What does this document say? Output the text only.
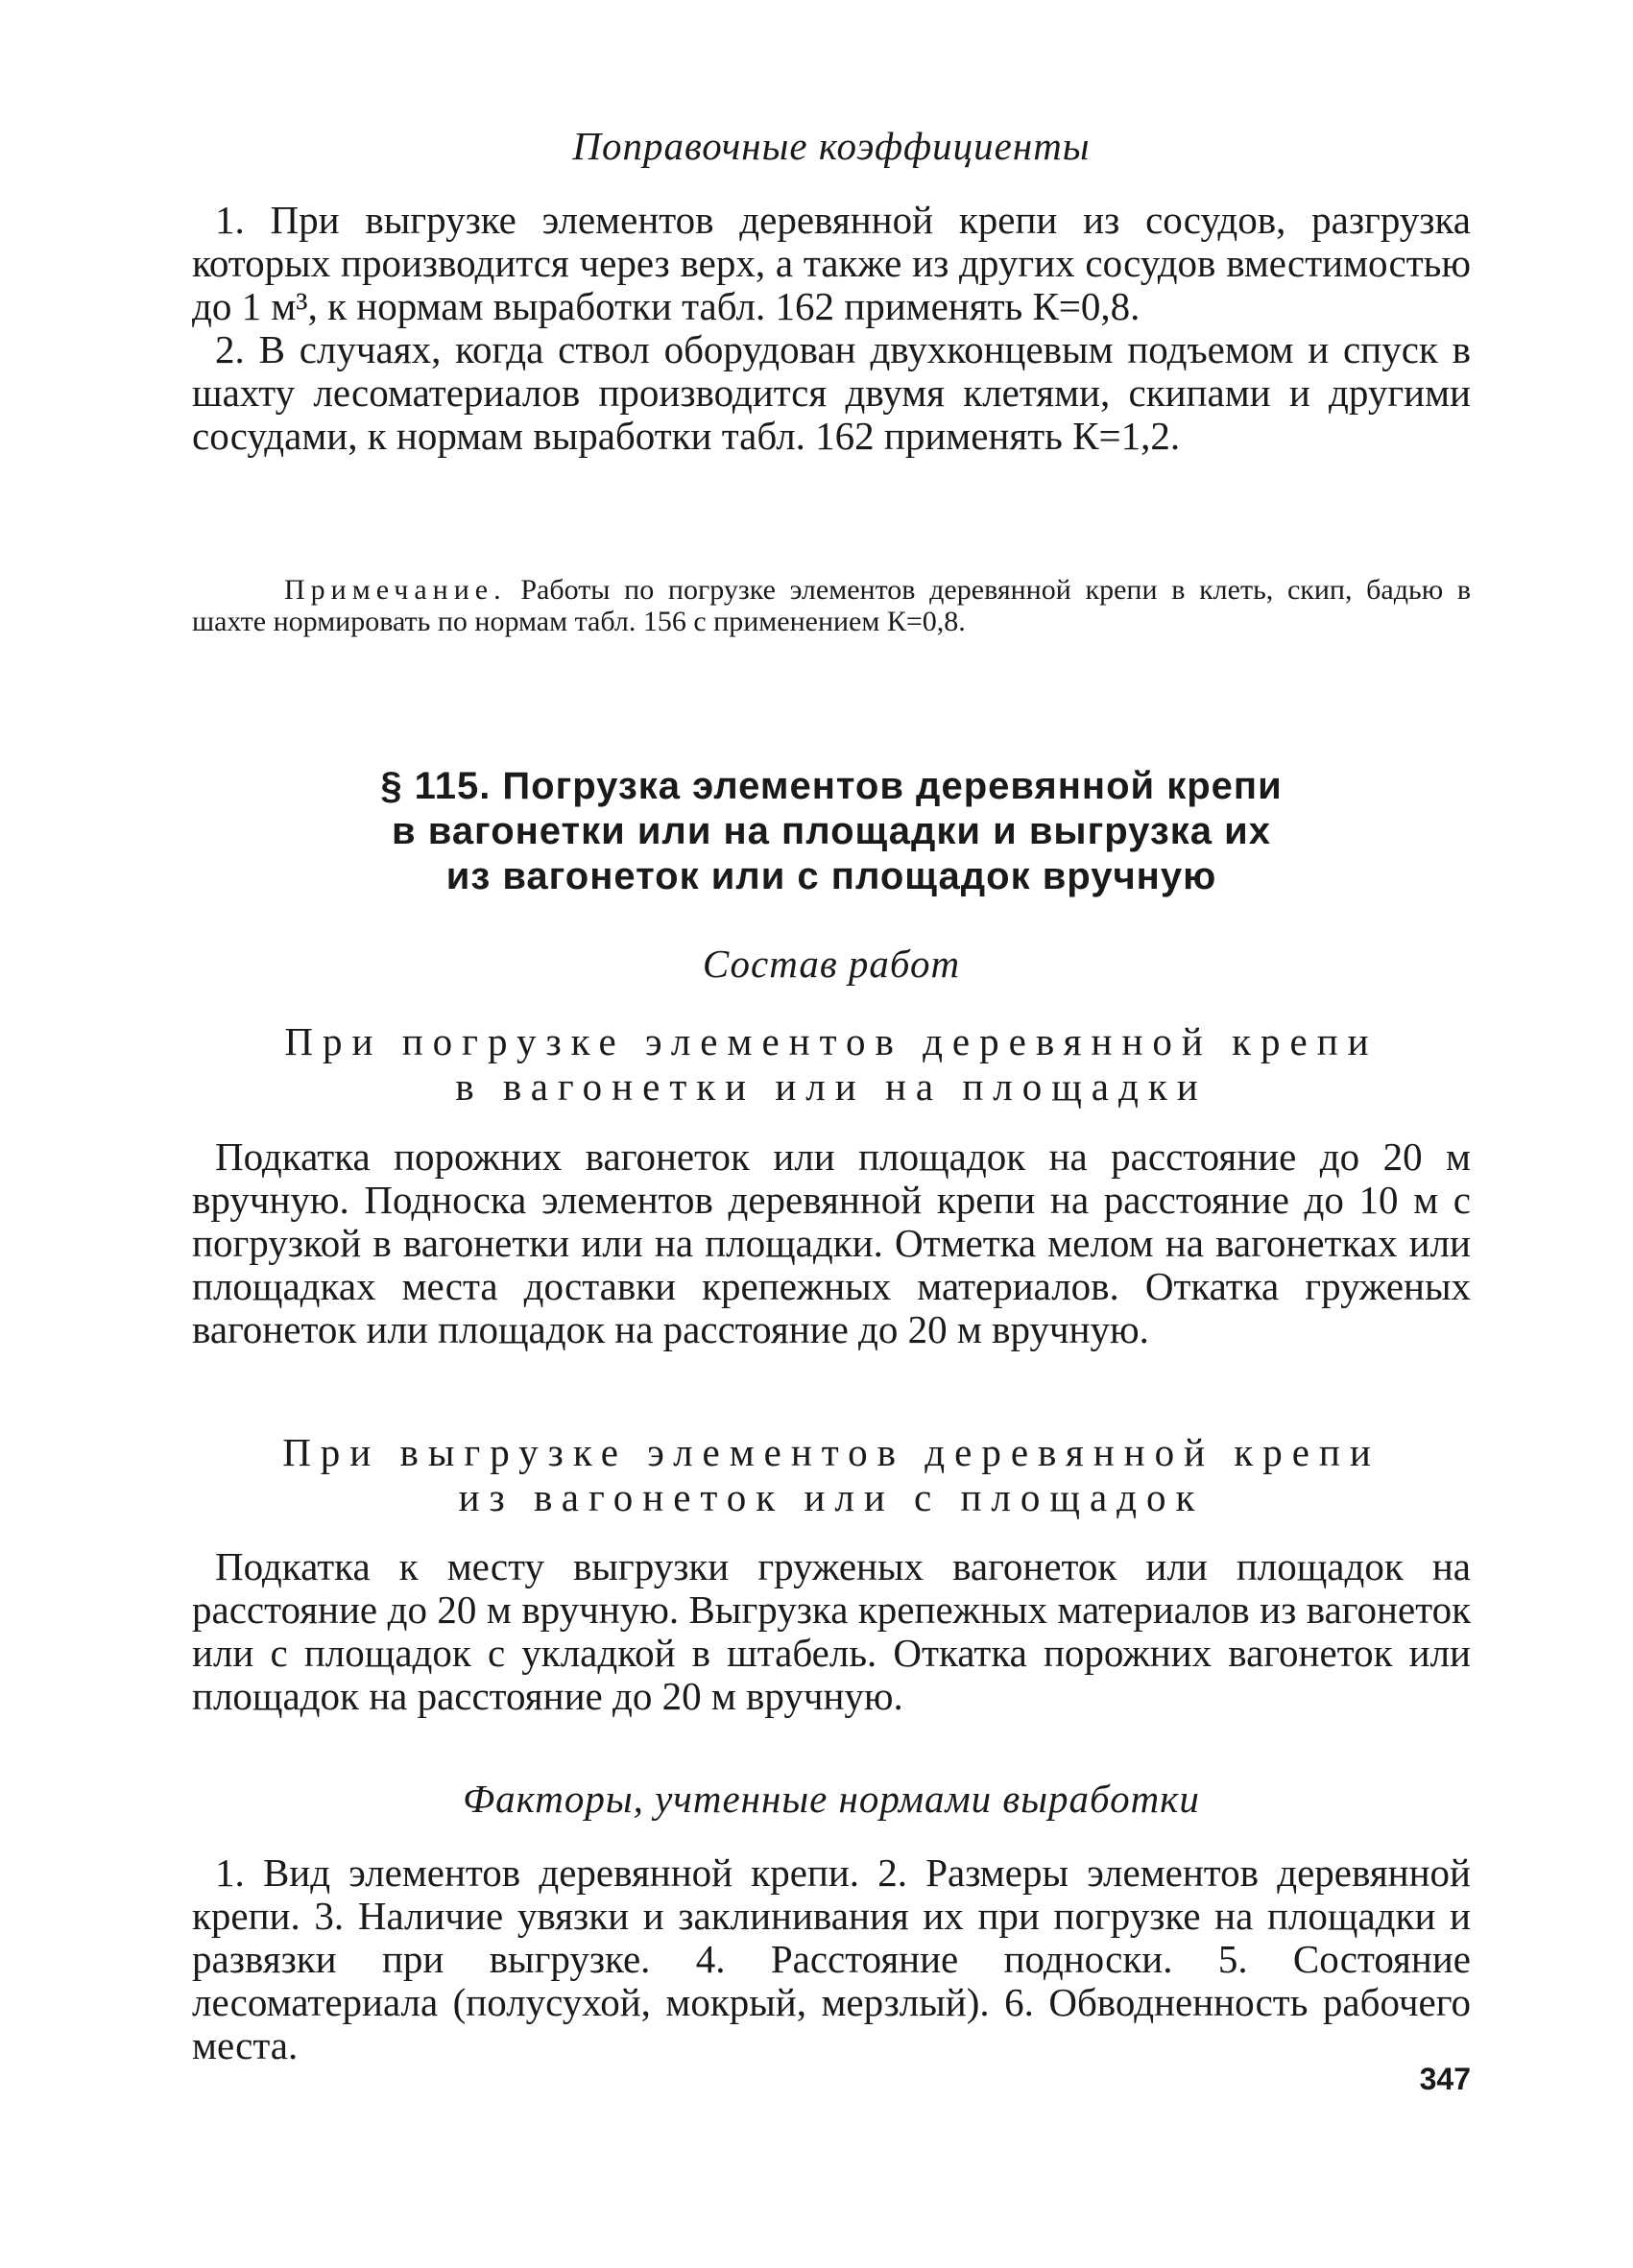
Поправочные коэффициенты

1. При выгрузке элементов деревянной крепи из сосудов, разгрузка которых производится через верх, а также из других сосудов вместимостью до 1 м³, к нормам выработки табл. 162 применять К=0,8.

2. В случаях, когда ствол оборудован двухконцевым подъемом и спуск в шахту лесоматериалов производится двумя клетями, скипами и другими сосудами, к нормам выработки табл. 162 применять К=1,2.

Примечание. Работы по погрузке элементов деревянной крепи в клеть, скип, бадью в шахте нормировать по нормам табл. 156 с применением К=0,8.
§ 115. Погрузка элементов деревянной крепи
в вагонетки или на площадки и выгрузка их
из вагонеток или с площадок вручную
Состав работ
При погрузке элементов деревянной крепи
в вагонетки или на площадки

Подкатка порожних вагонеток или площадок на расстояние до 20 м вручную. Подноска элементов деревянной крепи на расстояние до 10 м с погрузкой в вагонетки или на площадки. Отметка мелом на вагонетках или площадках места доставки крепежных материалов. Откатка груженых вагонеток или площадок на расстояние до 20 м вручную.

При выгрузке элементов деревянной крепи
из вагонеток или с площадок

Подкатка к месту выгрузки груженых вагонеток или площадок на расстояние до 20 м вручную. Выгрузка крепежных материалов из вагонеток или с площадок с укладкой в штабель. Откатка порожних вагонеток или площадок на расстояние до 20 м вручную.

Факторы, учтенные нормами выработки

1. Вид элементов деревянной крепи. 2. Размеры элементов деревянной крепи. 3. Наличие увязки и заклинивания их при погрузке на площадки и развязки при выгрузке. 4. Расстояние подноски. 5. Состояние лесоматериала (полусухой, мокрый, мерзлый). 6. Обводненность рабочего места.

347
